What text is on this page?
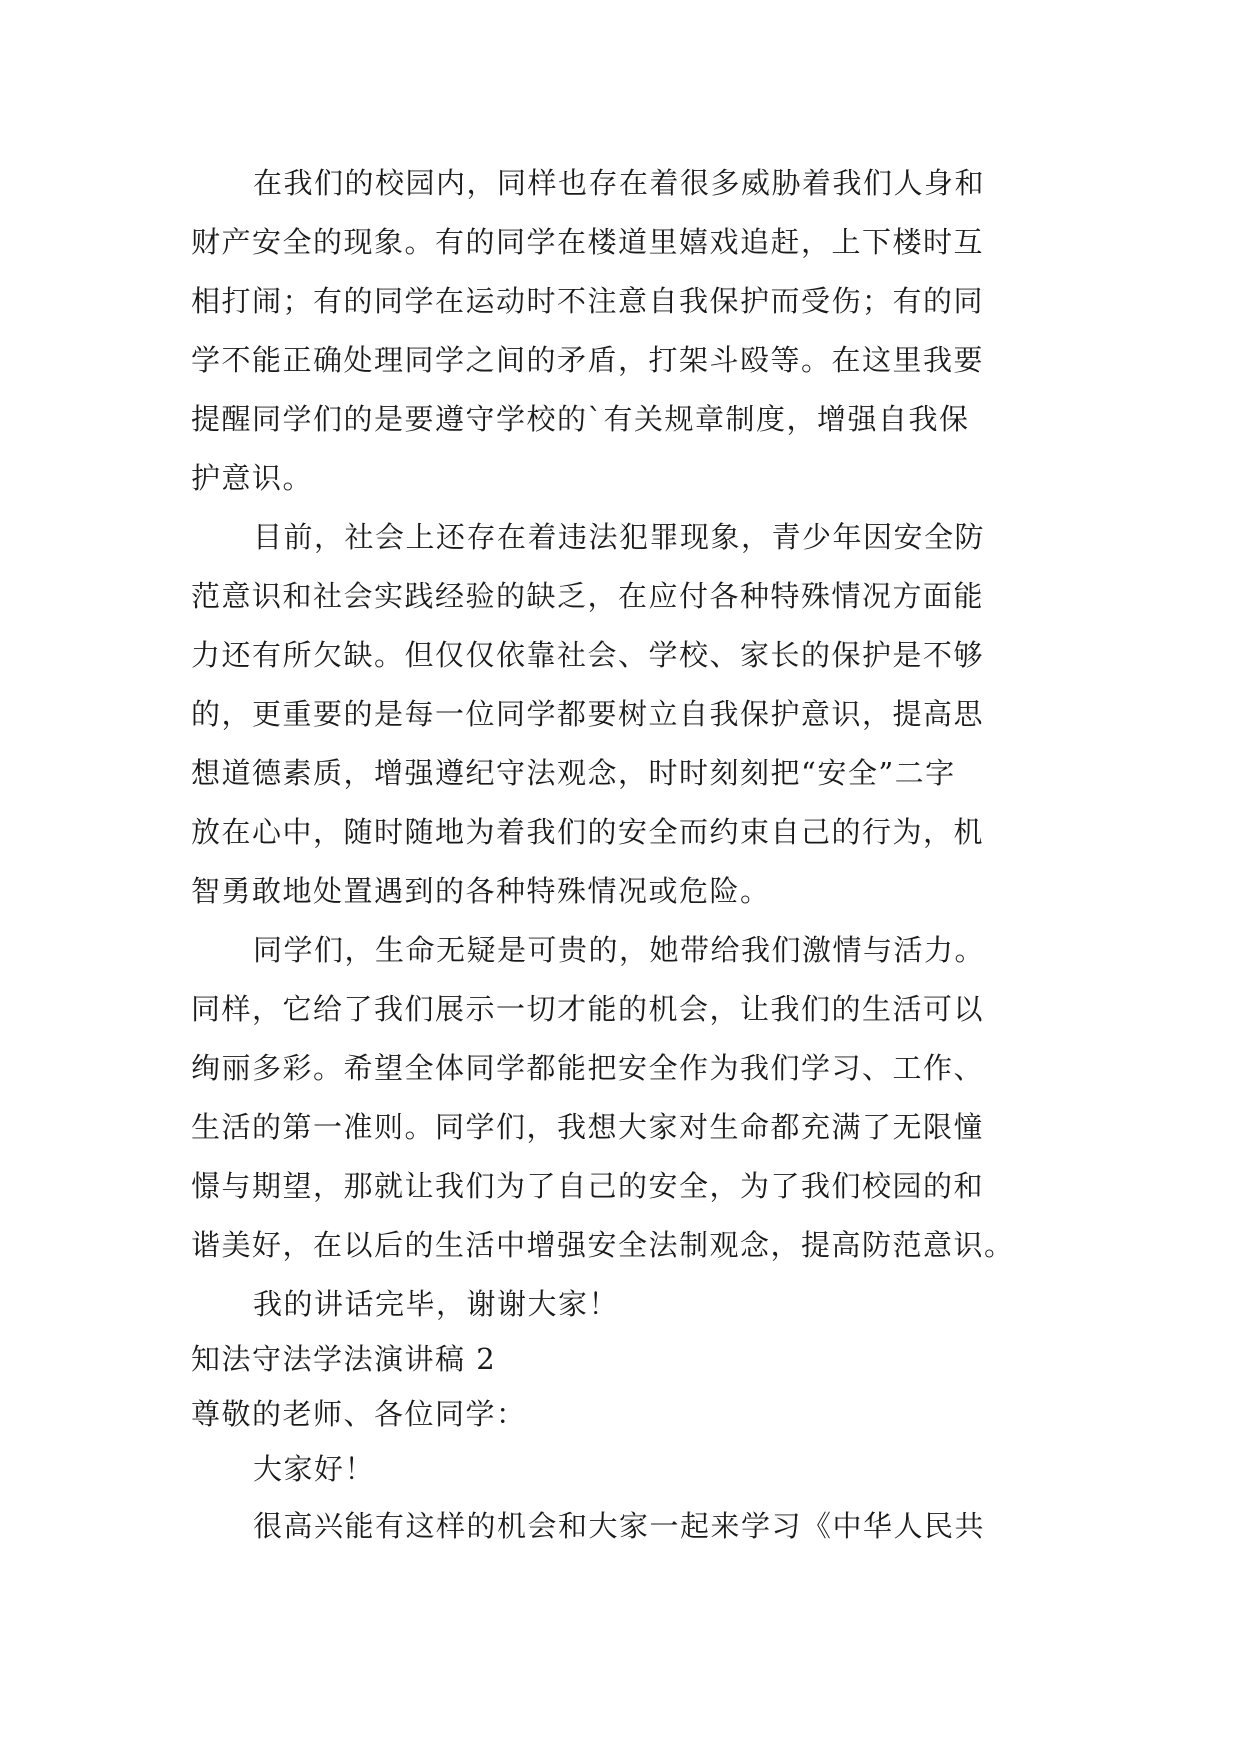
在我们的校园内，同样也存在着很多威胁着我们人身和
财产安全的现象。有的同学在楼道里嬉戏追赶，上下楼时互
相打闹；有的同学在运动时不注意自我保护而受伤；有的同
学不能正确处理同学之间的矛盾，打架斗殴等。在这里我要
提醒同学们的是要遵守学校的`有关规章制度，增强自我保
护意识。
目前，社会上还存在着违法犯罪现象，青少年因安全防
范意识和社会实践经验的缺乏，在应付各种特殊情况方面能
力还有所欠缺。但仅仅依靠社会、学校、家长的保护是不够
的，更重要的是每一位同学都要树立自我保护意识，提高思
想道德素质，增强遵纪守法观念，时时刻刻把“安全”二字
放在心中，随时随地为着我们的安全而约束自己的行为，机
智勇敢地处置遇到的各种特殊情况或危险。
同学们，生命无疑是可贵的，她带给我们激情与活力。
同样，它给了我们展示一切才能的机会，让我们的生活可以
绚丽多彩。希望全体同学都能把安全作为我们学习、工作、
生活的第一准则。同学们，我想大家对生命都充满了无限憧
憬与期望，那就让我们为了自己的安全，为了我们校园的和
谐美好，在以后的生活中增强安全法制观念，提高防范意识。
我的讲话完毕，谢谢大家！
知法守法学法演讲稿 2
尊敬的老师、各位同学：
大家好！
很高兴能有这样的机会和大家一起来学习《中华人民共
